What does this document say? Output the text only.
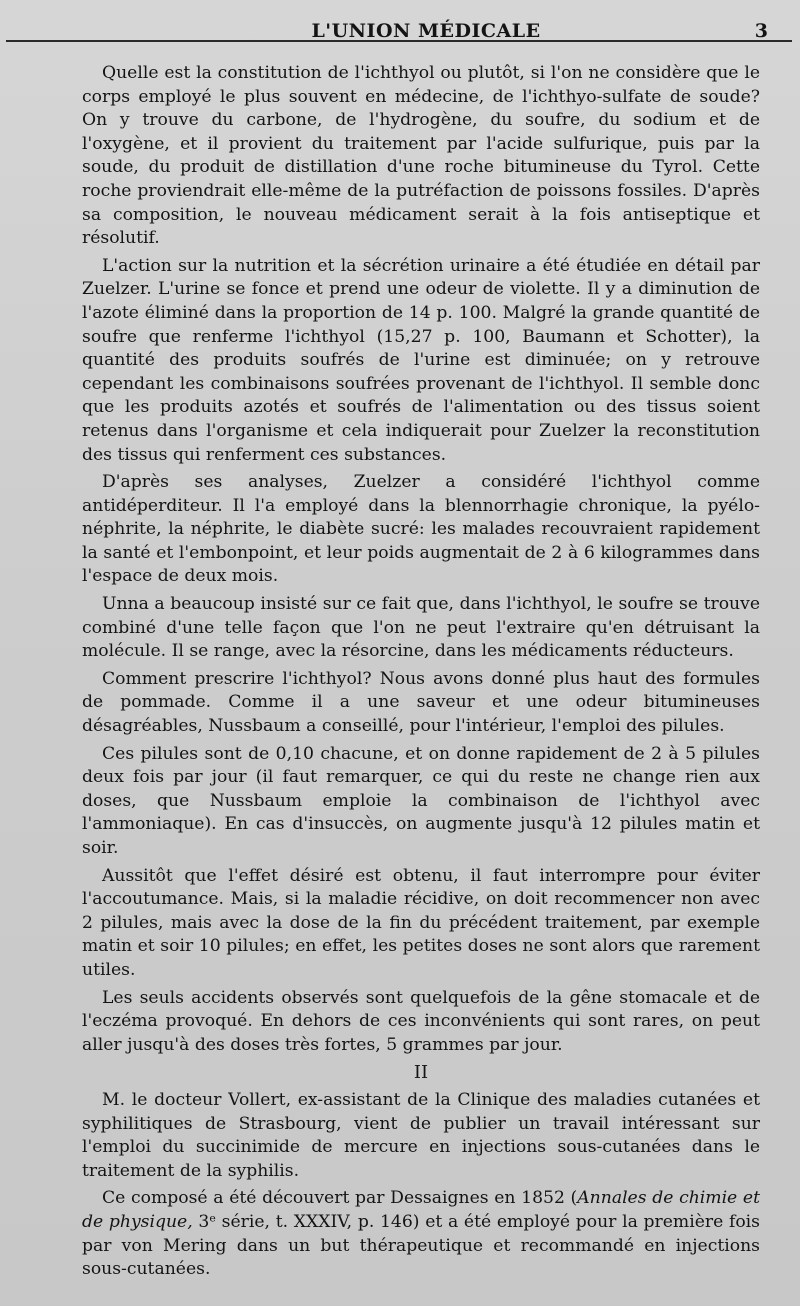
L'UNION MÉDICALE	3

Quelle est la constitution de l'ichthyol ou plutôt, si l'on ne considère que le corps employé le plus souvent en médecine, de l'ichthyo-sulfate de soude? On y trouve du carbone, de l'hydrogène, du soufre, du sodium et de l'oxygène, et il provient du traitement par l'acide sulfurique, puis par la soude, du produit de distillation d'une roche bitumineuse du Tyrol. Cette roche proviendrait elle-même de la putréfaction de poissons fossiles. D'après sa composition, le nouveau médicament serait à la fois antiseptique et résolutif.

L'action sur la nutrition et la sécrétion urinaire a été étudiée en détail par Zuelzer. L'urine se fonce et prend une odeur de violette. Il y a diminution de l'azote éliminé dans la proportion de 14 p. 100. Malgré la grande quantité de soufre que renferme l'ichthyol (15,27 p. 100, Baumann et Schotter), la quantité des produits soufrés de l'urine est diminuée; on y retrouve cependant les combinaisons soufrées provenant de l'ichthyol. Il semble donc que les produits azotés et soufrés de l'alimentation ou des tissus soient retenus dans l'organisme et cela indiquerait pour Zuelzer la reconstitution des tissus qui renferment ces substances.

D'après ses analyses, Zuelzer a considéré l'ichthyol comme antidéperditeur. Il l'a employé dans la blennorrhagie chronique, la pyélo-néphrite, la néphrite, le diabète sucré: les malades recouvraient rapidement la santé et l'embonpoint, et leur poids augmentait de 2 à 6 kilogrammes dans l'espace de deux mois.

Unna a beaucoup insisté sur ce fait que, dans l'ichthyol, le soufre se trouve combiné d'une telle façon que l'on ne peut l'extraire qu'en détruisant la molécule. Il se range, avec la résorcine, dans les médicaments réducteurs.

Comment prescrire l'ichthyol? Nous avons donné plus haut des formules de pommade. Comme il a une saveur et une odeur bitumineuses désagréables, Nussbaum a conseillé, pour l'intérieur, l'emploi des pilules.

Ces pilules sont de 0,10 chacune, et on donne rapidement de 2 à 5 pilules deux fois par jour (il faut remarquer, ce qui du reste ne change rien aux doses, que Nussbaum emploie la combinaison de l'ichthyol avec l'ammoniaque). En cas d'insuccès, on augmente jusqu'à 12 pilules matin et soir.

Aussitôt que l'effet désiré est obtenu, il faut interrompre pour éviter l'accoutumance. Mais, si la maladie récidive, on doit recommencer non avec 2 pilules, mais avec la dose de la fin du précédent traitement, par exemple matin et soir 10 pilules; en effet, les petites doses ne sont alors que rarement utiles.

Les seuls accidents observés sont quelquefois de la gêne stomacale et de l'eczéma provoqué. En dehors de ces inconvénients qui sont rares, on peut aller jusqu'à des doses très fortes, 5 grammes par jour.

II

M. le docteur Vollert, ex-assistant de la Clinique des maladies cutanées et syphilitiques de Strasbourg, vient de publier un travail intéressant sur l'emploi du succinimide de mercure en injections sous-cutanées dans le traitement de la syphilis.

Ce composé a été découvert par Dessaignes en 1852 (Annales de chimie et de physique, 3ᵉ série, t. XXXIV, p. 146) et a été employé pour la première fois par von Mering dans un but thérapeutique et recommandé en injections sous-cutanées.
